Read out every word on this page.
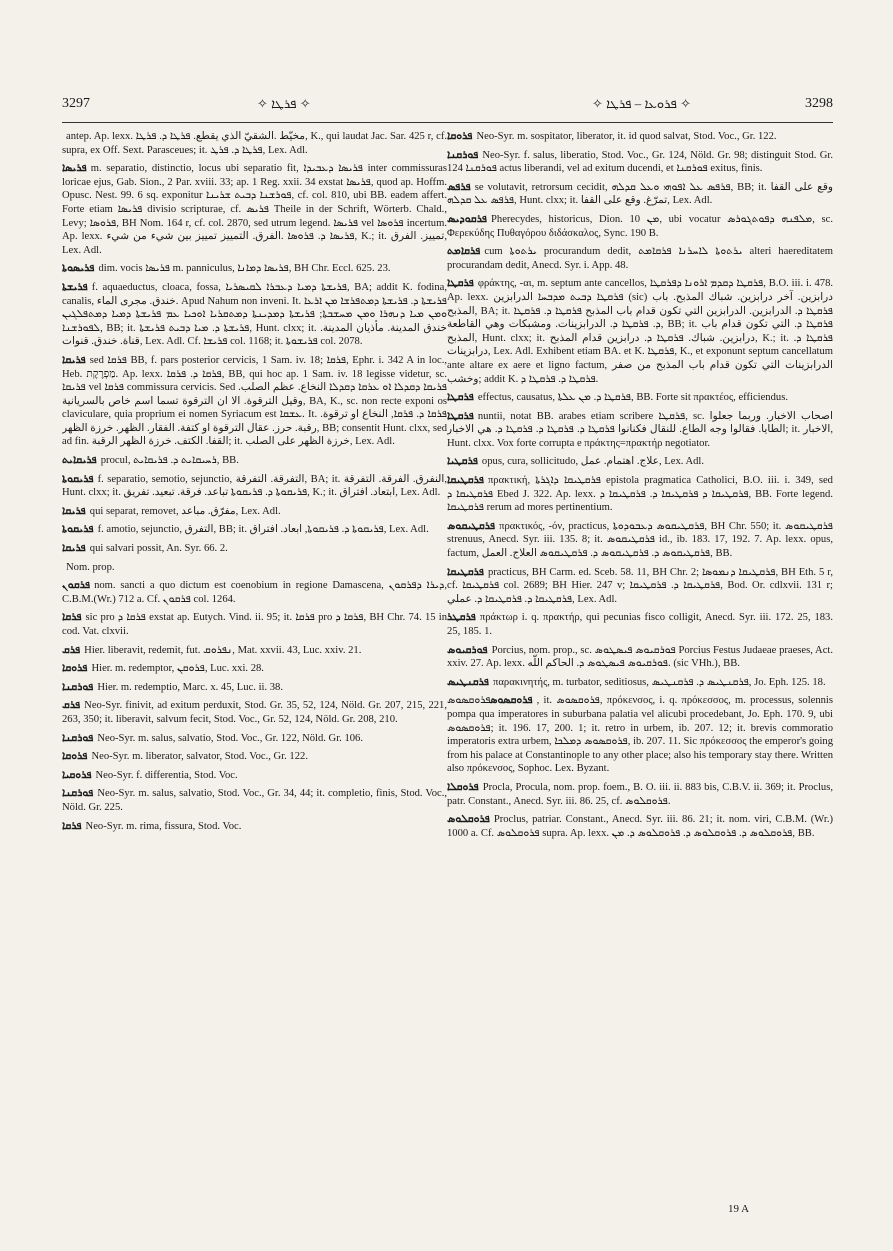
3297	✧ ܦܪܛܐ ✧	✧ ܦܪܘܥܐ – ܦܪܛܐ ✧	3298

antep. Ap. lexx. مخيّط .الشقيّ الذي يقطع. ܦܪܛܐ ܕ. ܦܪܛܐ, K., qui laudat Jac. Sar. 425 r, cf. supra, ex Off. Sext. Parasceues; it. ܦܪܛܐ ܕ. ܦܪܛ, Lex. Adl.

ܦܪܝܣܐ m. separatio, distinctio, locus ubi separatio fit, ܦܪܝܣܐ ܕܥܒܝܕܐ inter commissuras loricae ejus, Gab. Sion., 2 Par. xviii. 33; ap. 1 Reg. xxii. 34 exstat ܦܪܝܣܐ, quod ap. Hoffm. Opusc. Nest. 99. 6 sq. exponitur ܦܘܪܫܢܐ ܕܒܝܬ ܫܪܝܢܐ, cf. col. 810, ubi BB. eadem affert. Forte etiam ܦܪܝܣܐ divisio scripturae, cf. ܦܪܝܣ Theile in der Schrift, Wörterb. Chald., Levy; ܦܪܘܣܐ, BH Nom. 164 r, cf. col. 2870, sed utrum legend. ܦܪܝܣܐ vel ܦܪܘܣܐ incertum. Ap. lexx. ܦܪܝܣܐ ܕ. ܦܪܘܣܐ .الفرق. التمييز تمييز بين شيء من شيء, K.; it. تمييز. الفرق, Lex. Adl.

ܦܪܝܣܘܬܐ dim. vocis ܦܪܝܣܐ m. panniculus, ܦܪܝܣܐ ܕܡܐܢܐ, BH Chr. Eccl. 625. 23.

ܦܪܝܫܬܐ f. aquaeductus, cloaca, fossa, ܦܪܝܫܬܐ ܕܡܝܐ ܕܥܒܪܐ ܠܩܝܣܪܝܐ, BA; addit K. fodina, canalis, خندق. مجرى الماء. Apud Nahum non inveni. It. ܦܪܝܫܬܐ ܕ. ܦܪܝܫܬܐ ܕܡܬܦܪܫܐ ܡܢ ܐܪܥܐ ܘܡܢ ܡܝܐ ܕܢܗܪܐ ܘܡܢ ܡܚܫܒܬܐ; ܦܪܝܫܬܐ ܕܡܕܝܢܬܐ ܕܡܬܩܪܝܐ ܐܘܟܝܐ ܥܡ ܦܪܝܫܬܐ ܕܡܝܐ ܕܡܬܦܠܓܝܢ ܠܦܘܪܫܢܐ, BB; it. ܦܪܝܫܬܐ ܕ. ܡܝܐ ܕܒܝܬ ܦܪܝܫܬܐ, Hunt. clxx; it. خندق المدينة. مأذيان المدينة. قناة. خندق. قنوات, Lex. Adl. Cf. ܦܪܝܫܐ col. 1168; it. ܦܪܝܫܘܬܐ col. 2078.

ܦܪܝܩܐ sed ܦܪܩܐ BB, f. pars posterior cervicis, 1 Sam. iv. 18; ܦܪܩܐ, Ephr. i. 342 A in loc., Heb. מַפְרֶקֶת. Ap. lexx. ܦܪܩܐ ܕ. ܦܪܩܐ, BB, qui hoc ap. 1 Sam. iv. 18 legisse videtur, sc. ܦܪܝܩܐ vel ܦܪܩܐ commissura cervicis. Sed ܦܪܝܩܐ ܕܩܕܠܐ ܐܘ ܥܪܩܐ ܕܩܕܠܐ النخاع. عظم الصلب. وقيل الترقوة. الا ان الترقوة تسما اسم خاص بالسريانية, BA, K., sc. non recte exponi os claviculare, quia proprium ei nomen Syriacum est ܥܫܩܐ. It. ܦܪܩܐ ܕ. ܦܪܩܐ, النخاع او ترقوة. رقبة. حرز. عقال الترقوة او كتفة. الفقار. الظهر. خرزة الظهر, BB; consentit Hunt. clxx, sed ad fin. القفا. الكتف. خرزة الظهر الرقبة; it. خرزة الظهر على الصلب, Lex. Adl.

ܦܪܝܩܐܝܬ procul, ܪܚܝܩܐܝܬ ܕ. ܦܪܝܩܐܝܬ, BB.

ܦܪܝܩܘܬܐ f. separatio, semotio, sejunctio, التفرقة. التفرقة, BA; it. النفرق. الفرقة. التفرقة, Hunt. clxx; it. ܦܪܝܩܘܬܐ ܕ. ܦܪܝܩܘܬܐ تباعد. فرقة. تبعيد. تفريق, K.; it. ابتعاد. افتراق, Lex. Adl.

ܦܪܝܩܐ qui separat, removet, مفرّق. مباعد, Lex. Adl.

ܦܪܝܩܘܬܐ f. amotio, sejunctio, التفرق, BB; it. ܦܪܝܩܘܬܐ ܕ. ܦܪܝܩܘܬܐ, ابعاد. افتراق, Lex. Adl.

ܦܪܝܩܐ qui salvari possit, An. Syr. 66. 2.

Nom. prop.

ܦܪܩܘܢ nom. sancti a quo dictum est coenobium in regione Damascena, ܕܝܪܐ ܕܦܪܩܘܢ, C.B.M.(Wr.) 712 a. Cf. ܦܪܩܘܢ col. 1264.

ܦܪܩܐ sic pro ܦܪܩܐ ܕ exstat ap. Eutych. Vind. ii. 95; it. ܦܪܩܐ pro ܦܪܩܐ ܕ, BH Chr. 74. 15 in cod. Vat. clxvii.

ܦܪܩ Hier. liberavit, redemit, fut. ܢܦܪܘܩ, Mat. xxvii. 43, Luc. xxiv. 21.

ܦܪܘܩܐ Hier. m. redemptor, ܦܪܘܩܢ, Luc. xxi. 28.

ܦܘܪܩܢܐ Hier. m. redemptio, Marc. x. 45, Luc. ii. 38.

ܦܪܩ Neo-Syr. finivit, ad exitum perduxit, Stod. Gr. 35, 52, 124, Nöld. Gr. 207, 215, 221, 263, 350; it. liberavit, salvum fecit, Stod. Voc., Gr. 52, 124, Nöld. Gr. 208, 210.

ܦܘܪܩܢܐ Neo-Syr. m. salus, salvatio, Stod. Voc., Gr. 122, Nöld. Gr. 106.

ܦܪܘܩܐ Neo-Syr. m. liberator, salvator, Stod. Voc., Gr. 122.

ܦܪܘܩܝܐ Neo-Syr. f. differentia, Stod. Voc.

ܦܘܪܩܢܐ Neo-Syr. m. salus, salvatio, Stod. Voc., Gr. 34, 44; it. completio, finis, Stod. Voc., Nöld. Gr. 225.

ܦܪܩܐ Neo-Syr. m. rima, fissura, Stod. Voc.

ܦܪܘܩܐ Neo-Syr. m. sospitator, liberator, it. id quod salvat, Stod. Voc., Gr. 122.

ܦܘܪܩܢܐ Neo-Syr. f. salus, liberatio, Stod. Voc., Gr. 124, Nöld. Gr. 98; distinguit Stod. Gr. 124 ܦܘܪܩܢܐ actus liberandi, vel ad exitum ducendi, et ܦܘܪܩܢܐ exitus, finis.

ܦܪܦܣ se volutavit, retrorsum cecidit, ܦܪܦܣ ܥܠ ܐܦܘܗܝ ܘܥܠ ܩܕܠܗ, BB; it. وقع على القفا ܦܪܦܣ ܥܠ ܩܕܠܗ, Hunt. clxx; it. تمرّغ. وقع على القفا, Lex. Adl.

ܦܪܩܘܕܝܣ Pherecydes, historicus, Dion. ܡܢ 10, ubi vocatur ܡܠܦܢܗ ܕܦܘܬܓܘܪܣ, sc. Φερεκύδης Πυθαγόρου διδάσκαλος, Sync. 190 B.

ܦܪܩܐܡܬ cum ܝܪܬܘܬܐ procurandum dedit, ܝܪܬܘܬܐ ܠܐܚܪܢܐ ܦܪܩܐܡܬ alteri haereditatem procurandam dedit, Anecd. Syr. i. App. 48.

ܦܪܩܛܐ φράκτης, -αι, m. septum ante cancellos, ܦܪܩܛܐ ܕܩܕܡ ܐܪܘܢܐ ܕܦܪܩܛܐ, B.O. iii. i. 478. Ap. lexx. ܦܪܩܛܐ ܕܒܝܬ ܡܕܒܚܐ الدرابزين (sic) درابزين. آخر درابزين. شباك المذبح. باب المذبح, BA; it. ܦܪܩܛܐ ܕ. الدرابزين. الدرابزين التي تكون قدام باب المذبح ܦܪܩܛܐ ܕ. ܦܪܩܛܐ ܕ. ܦܪܩܛܐ ܕ. الدرابزينات. ومشبكات وهي القاطعة, BB; it. ܦܪܩܛܐ ܕ. التي تكون قدام باب المذبح, Hunt. clxx; it. درابزين. شباك. ܦܪܩܛܐ ܕ. درابزين قدام المذبح, K.; it. ܦܪܩܛܐ ܕ. درابزينات, Lex. Adl. Exhibent etiam BA. et K. ܦܪܩܛܐ, K., et exponunt septum cancellatum ante altare ex aere et ligno factum, الدرابزينات التي تكون قدام باب المذبح من صفر وخشب; addit K. ܦܪܩܛܐ ܕ. ܦܪܩܛܐ ܕ.

ܦܪܩܛܐ effectus, causatus, ܦܪܩܛܐ ܕ. ܡܢ ܥܠܬܐ, BB. Forte sit πρακτέος, efficiendus.

ܦܪܩܛܐ nuntii, notat BB. arabes etiam scribere ܦܪܩܛܐ, sc. اصحاب الاخبار. وربما جعلوا الطايا. فقالوا وجه الطاع. للنقال فكنانوا ܦܪܩܛܐ ܕ. ܦܪܩܛܐ ܕ. ܦܪܩܛܐ ܕ. هي الاخبار; it. الاخبار, Hunt. clxx. Vox forte corrupta e πράκτης=πρακτήρ negotiator.

ܦܪܩܛܝܐ opus, cura, sollicitudo, علاج. اهتمام. عمل, Lex. Adl.

ܦܪܩܛܝܩܐ πρακτική, ܦܪܩܛܝܩܐ ܕܐܓܪܬܐ epistola pragmatica Catholici, B.O. iii. i. 349, sed ܦܪܩܛܝܩܐ ܕ Ebed J. 322. Ap. lexx. ܦܪܩܛܝܩܐ ܕ ܦܪܩܛܝܩܐ ܕ. ܦܪܩܛܝܩܐ ܕ, BB. Forte legend. ܦܪܩܛܝܩܐ rerum ad mores pertinentium.

ܦܪܩܛܝܩܘܣ πρακτικός, -όν, practicus, ܦܪܩܛܝܩܘܣ ܕܥܒܘܕܘܬܐ, BH Chr. 550; it. ܦܪܩܛܝܩܘܣ strenuus, Anecd. Syr. iii. 135. 8; it. ܦܪܩܛܝܩܘܣ id., ib. 183. 17, 192. 7. Ap. lexx. opus, factum, ܦܪܩܛܝܩܘܣ ܕ. ܦܪܩܛܝܩܘܣ ܕ. ܦܪܩܛܝܩܘܣ العلاج. العمل, BB.

ܦܪܩܛܝܩܐ practicus, BH Carm. ed. Sceb. 58. 11, BH Chr. 2; ܦܪܩܛܝܩܐ ܕܢܡܘܣܐ, BH Eth. 5 r, cf. ܦܪܩܛܝܩܐ col. 2689; BH Hier. 247 v; ܦܪܩܛܝܩܐ ܕ. ܦܪܩܛܝܩܐ, Bod. Or. cdlxvii. 131 r; ܦܪܩܛܝܩܐ ܕ. ܦܪܩܛܝܩܐ ܕ. عملي, Lex. Adl.

ܦܪܩܛܪ πράκτωρ i. q. πρακτήρ, qui pecunias fisco colligit, Anecd. Syr. iii. 172. 25, 183. 25, 185. 1.

ܦܘܪܩܝܘܣ Porcius, nom. prop., sc. ܦܘܪܩܝܘܣ ܦܝܣܛܘܣ Porcius Festus Judaeae praeses, Act. xxiv. 27. Ap. lexx. ܦܘܪܩܝܘܣ ܦܝܣܛܘܣ ܕ. الحاكم اللّه. (sic VHh.), BB.

ܦܪܩܢܛܝܣ παρακινητής, m. turbator, seditiosus, ܦܪܩܢܛܝܣ ܕ. ܦܪܩܢܛܝܣ, Jo. Eph. 125. 18.

ܦܪܘܩܣܘܣܦܪܘܩܣܘܣ, it. ܦܪܘܩܣܘܣ, πρόκενσος, i. q. πρόκεσσος, m. processus, solennis pompa qua imperatores in suburbana palatia vel alicubi procedebant, Jo. Eph. 170. 9, ubi ܦܪܘܩܣܘܣ; it. 196. 17, 200. 1; it. retro in urbem, ib. 207. 12; it. brevis commoratio imperatoris extra urbem, ܦܪܘܩܣܘܣ ܕܡܠܟܐ, ib. 207. 11. Sic πρόκεσσος the emperor's going from his palace at Constantinople to any other place; also his temporary stay there. Written also πρόκενσος, Sophoc. Lex. Byzant.

ܦܪܘܩܠܐ Procla, Procula, nom. prop. foem., B. O. iii. ii. 883 bis, C.B.V. ii. 369; it. Proclus, patr. Constant., Anecd. Syr. iii. 86. 25, cf. ܦܪܘܩܠܘܣ.

ܦܪܘܩܠܘܣ Proclus, patriar. Constant., Anecd. Syr. iii. 86. 21; it. nom. viri, C.B.M. (Wr.) 1000 a. Cf. ܦܪܘܩܠܘܣ supra. Ap. lexx. ܦܪܘܩܠܘܣ ܕ. ܦܪܘܩܠܘܣ ܕ. ܦܪܘܩܠܘܣ ܕ. ܡܢ, BB.

19 A
